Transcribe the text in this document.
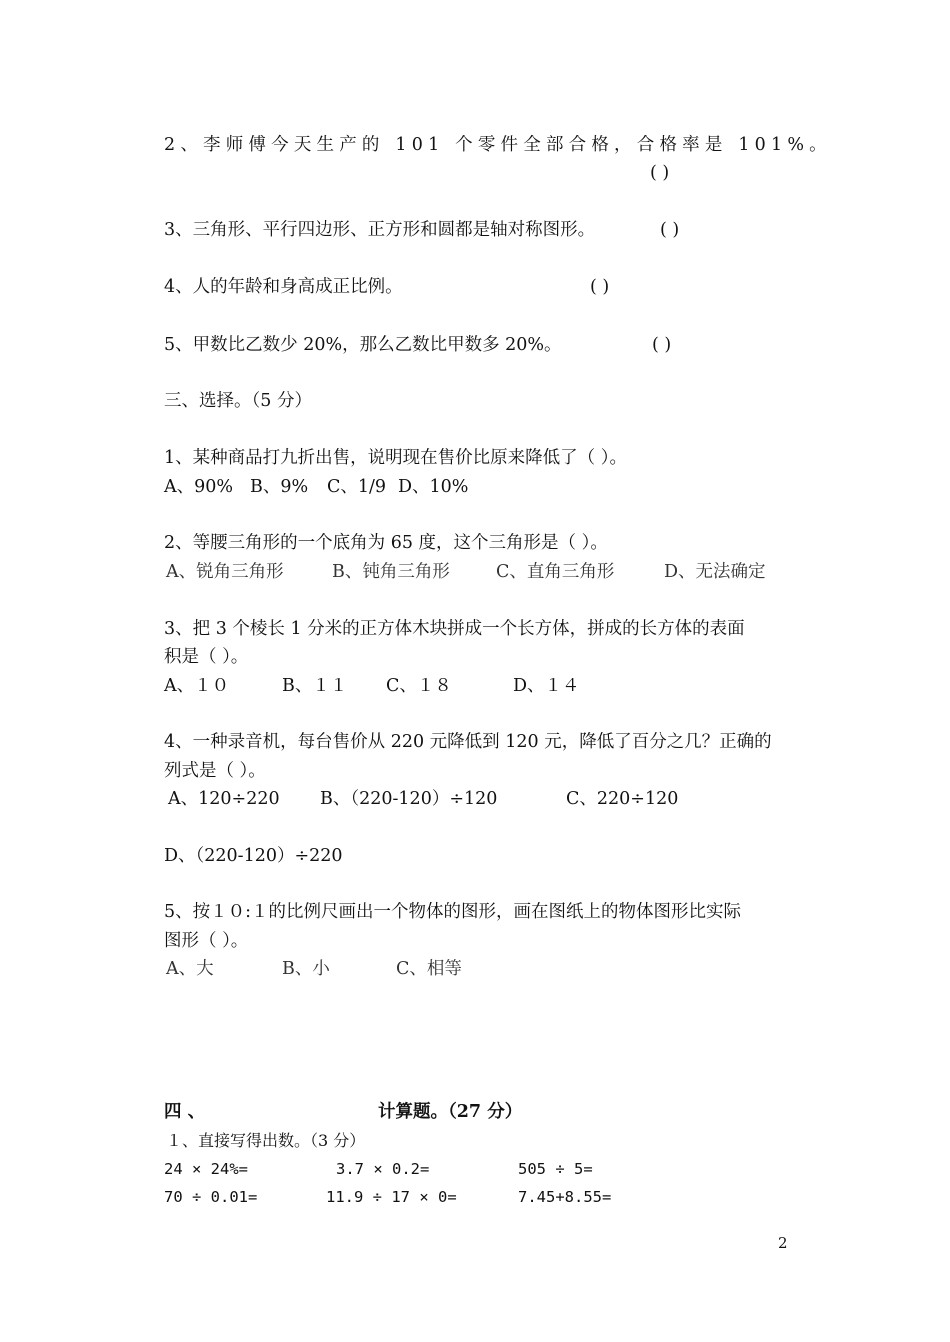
2、李师傅今天生产的 101 个零件全部合格，合格率是 101%。
( )
3、三角形、平行四边形、正方形和圆都是轴对称图形。	( )
4、人的年龄和身高成正比例。	( )
5、甲数比乙数少 20%，那么乙数比甲数多 20%。	( )
三、选择。（5 分）
1、某种商品打九折出售，说明现在售价比原来降低了（ ）。
A、90% B、9% C、1/9 D、10%
2、等腰三角形的一个底角为 65 度，这个三角形是（ ）。
A、锐角三角形	B、钝角三角形	C、直角三角形	D、无法确定
3、把 3 个棱长 1 分米的正方体木块拼成一个长方体，拼成的长方体的表面
积是（ ）。
A、１０	B、１１ C、１８	D、１４
4、一种录音机，每台售价从 220 元降低到 120 元，降低了百分之几？正确的
列式是（ ）。
A、120÷220 B、（220-120）÷120	C、220÷120
D、（220-120）÷220
5、按１０:１的比例尺画出一个物体的图形，画在图纸上的物体图形比实际
图形（ ）。
A、大	B、小	C、相等
四 、	计算题。（27 分）
１、直接写得出数。（3 分）
24 × 24%=	3.7 × 0.2=	505 ÷ 5=
70 ÷ 0.01=	11.9 ÷ 17 × 0=	7.45+8.55=
2
